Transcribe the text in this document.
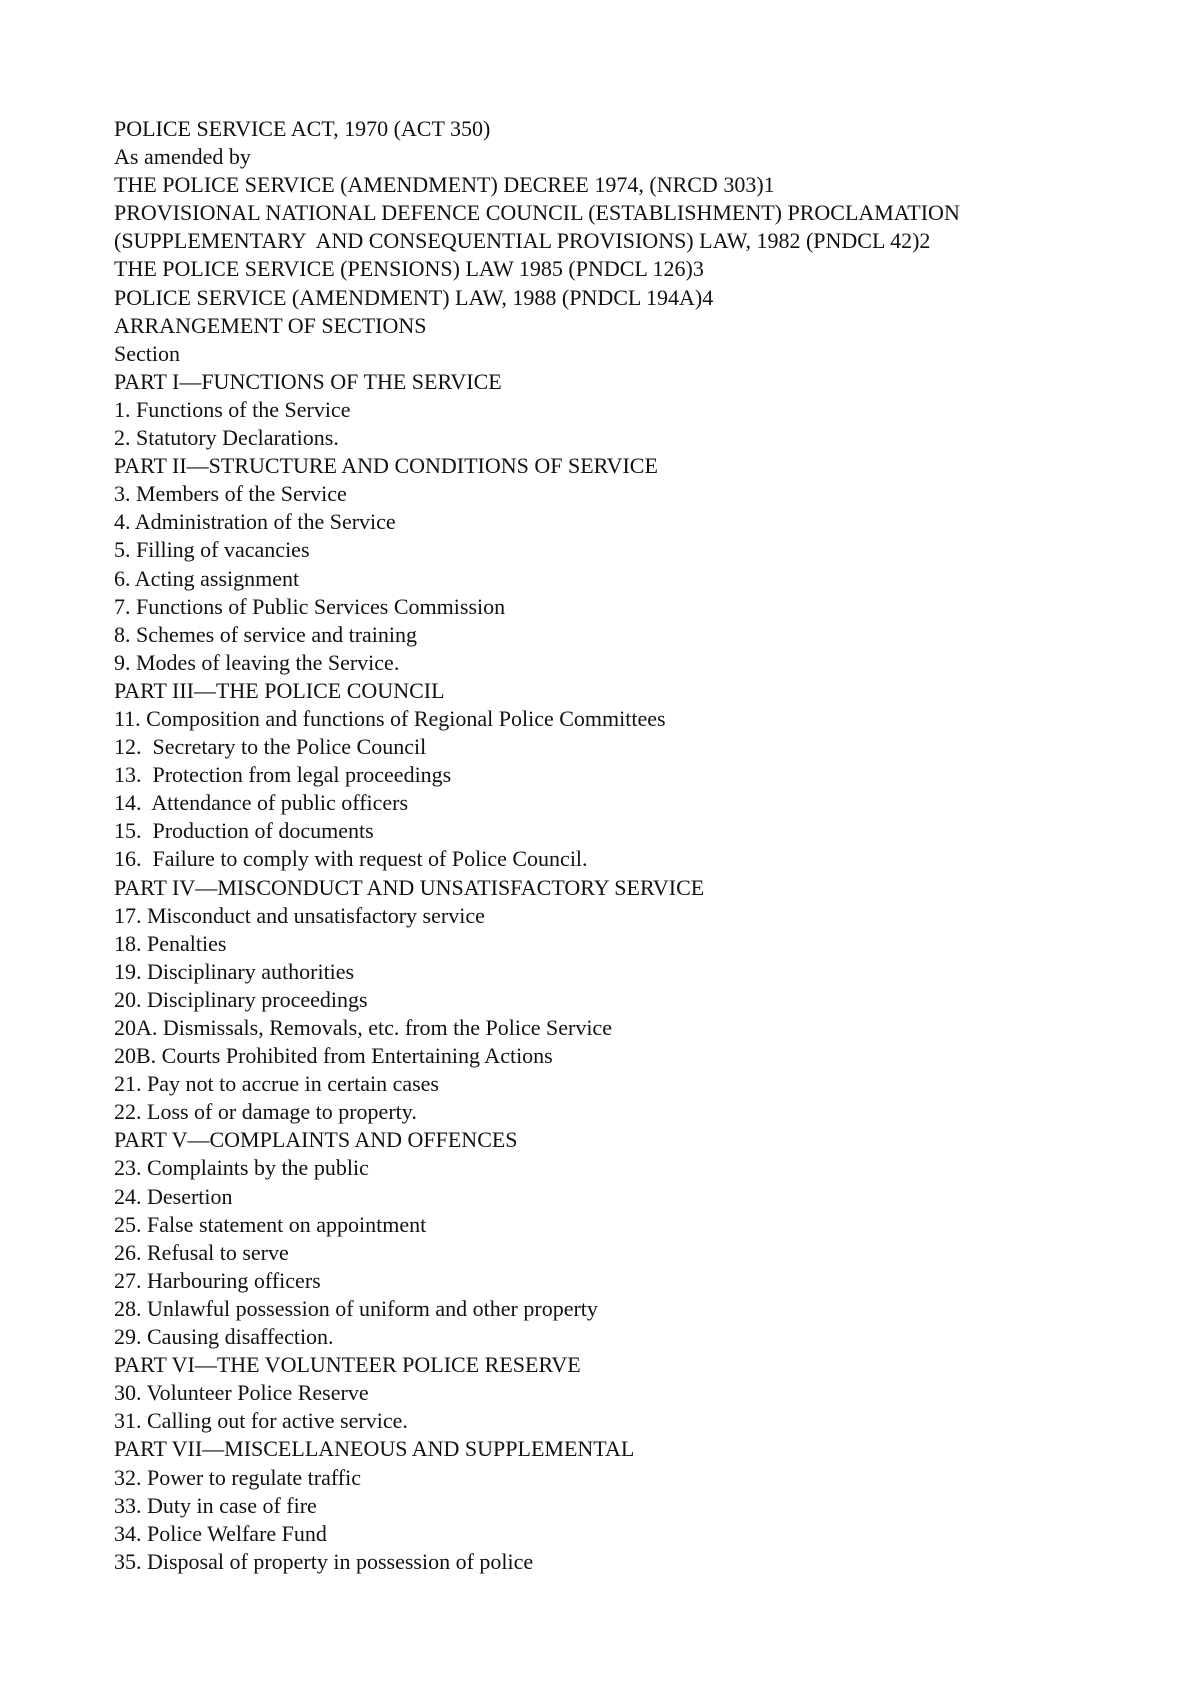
POLICE SERVICE ACT, 1970 (ACT 350)
As amended by
THE POLICE SERVICE (AMENDMENT) DECREE 1974, (NRCD 303)1
PROVISIONAL NATIONAL DEFENCE COUNCIL (ESTABLISHMENT) PROCLAMATION
(SUPPLEMENTARY  AND CONSEQUENTIAL PROVISIONS) LAW, 1982 (PNDCL 42)2
THE POLICE SERVICE (PENSIONS) LAW 1985 (PNDCL 126)3
POLICE SERVICE (AMENDMENT) LAW, 1988 (PNDCL 194A)4
ARRANGEMENT OF SECTIONS
Section
PART I—FUNCTIONS OF THE SERVICE
1. Functions of the Service
2. Statutory Declarations.
PART II—STRUCTURE AND CONDITIONS OF SERVICE
3. Members of the Service
4. Administration of the Service
5. Filling of vacancies
6. Acting assignment
7. Functions of Public Services Commission
8. Schemes of service and training
9. Modes of leaving the Service.
PART III—THE POLICE COUNCIL
11. Composition and functions of Regional Police Committees
12.  Secretary to the Police Council
13.  Protection from legal proceedings
14.  Attendance of public officers
15.  Production of documents
16.  Failure to comply with request of Police Council.
PART IV—MISCONDUCT AND UNSATISFACTORY SERVICE
17. Misconduct and unsatisfactory service
18. Penalties
19. Disciplinary authorities
20. Disciplinary proceedings
20A. Dismissals, Removals, etc. from the Police Service
20B. Courts Prohibited from Entertaining Actions
21. Pay not to accrue in certain cases
22. Loss of or damage to property.
PART V—COMPLAINTS AND OFFENCES
23. Complaints by the public
24. Desertion
25. False statement on appointment
26. Refusal to serve
27. Harbouring officers
28. Unlawful possession of uniform and other property
29. Causing disaffection.
PART VI—THE VOLUNTEER POLICE RESERVE
30. Volunteer Police Reserve
31. Calling out for active service.
PART VII—MISCELLANEOUS AND SUPPLEMENTAL
32. Power to regulate traffic
33. Duty in case of fire
34. Police Welfare Fund
35. Disposal of property in possession of police
